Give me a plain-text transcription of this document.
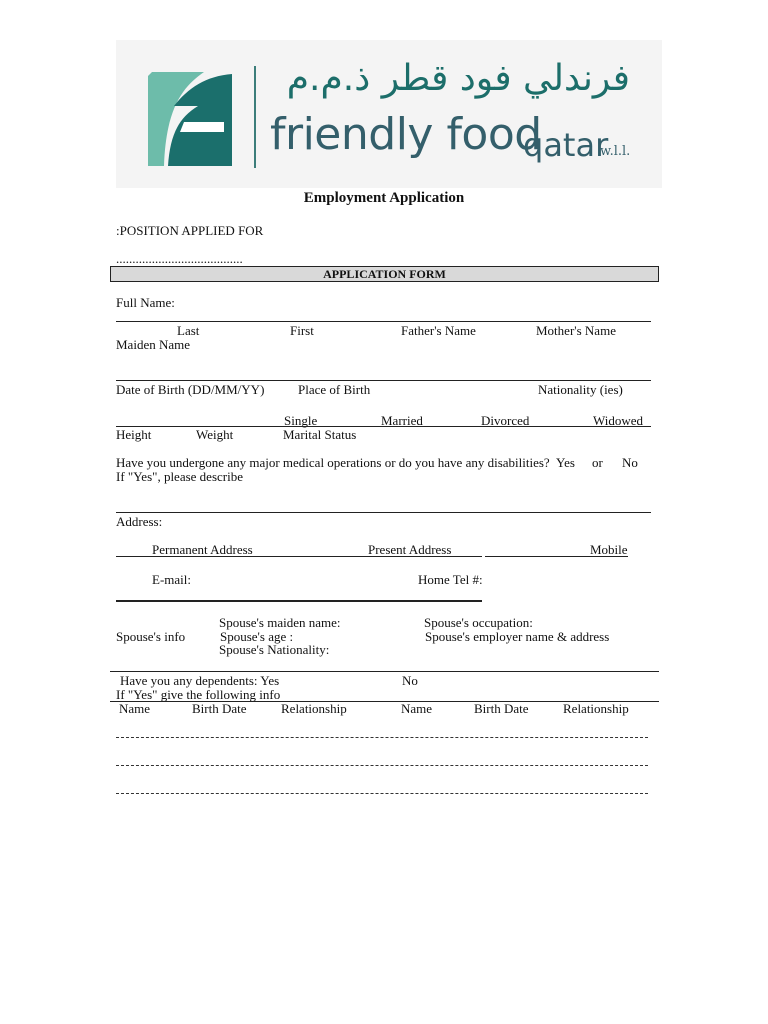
فرندلي فود قطر ذ.م.م
friendly food
qatar
w.l.l.
Employment Application
:POSITION APPLIED FOR
.......................................
APPLICATION FORM
Full Name:
Last	First	Father's Name	Mother's Name
Maiden Name
Date of Birth (DD/MM/YY)	Place of Birth	Nationality (ies)
Single	Married	Divorced	Widowed
Height	Weight	Marital Status
Have you undergone any major medical operations or do you have any disabilities? Yes or No
If "Yes", please describe
Address:
Permanent Address	Present Address	Mobile
E-mail:	Home Tel #:
Spouse's maiden name:	Spouse's occupation:
Spouse's info	Spouse's age :	Spouse's employer name & address
Spouse's Nationality:
Have you any dependents: Yes	No
If "Yes" give the following info
Name	Birth Date	Relationship	Name	Birth Date	Relationship
